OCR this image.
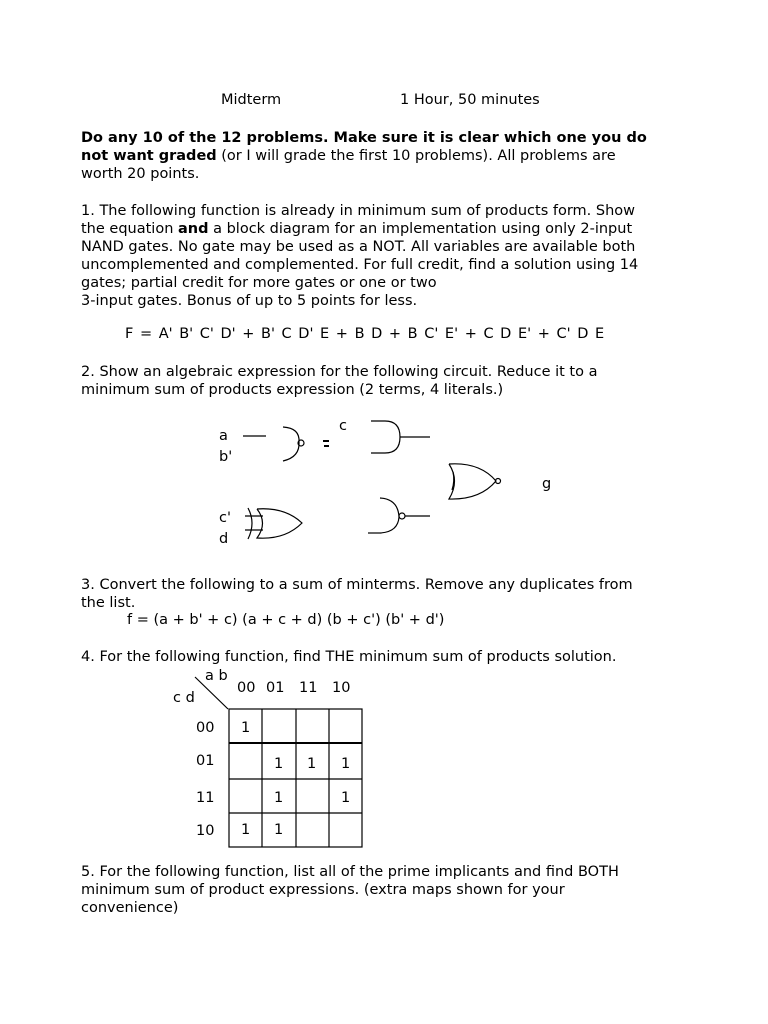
Midterm	1 Hour, 50 minutes
Do any 10 of the 12 problems. Make sure it is clear which one you do
not want graded (or I will grade the first 10 problems). All problems are
worth 20 points.
1. The following function is already in minimum sum of products form. Show
the equation and a block diagram for an implementation using only 2-input
NAND gates. No gate may be used as a NOT. All variables are available both
uncomplemented and complemented. For full credit, find a solution using 14
gates; partial credit for more gates or one or two
3-input gates. Bonus of up to 5 points for less.
F = A' B' C' D' + B' C D' E + B D + B C' E' + C D E' + C' D E
2. Show an algebraic expression for the following circuit. Reduce it to a
minimum sum of products expression (2 terms, 4 literals.)
a
b'
c
c'
d
g
3. Convert the following to a sum of minterms. Remove any duplicates from
the list.
f = (a + b' + c) (a + c + d) (b + c') (b' + d')
4. For the following function, find THE minimum sum of products solution.
a b
c d
00 01 11 10
00
01
11
10
1
1 1 1
1	1
1 1
5. For the following function, list all of the prime implicants and find BOTH
minimum sum of product expressions. (extra maps shown for your
convenience)
